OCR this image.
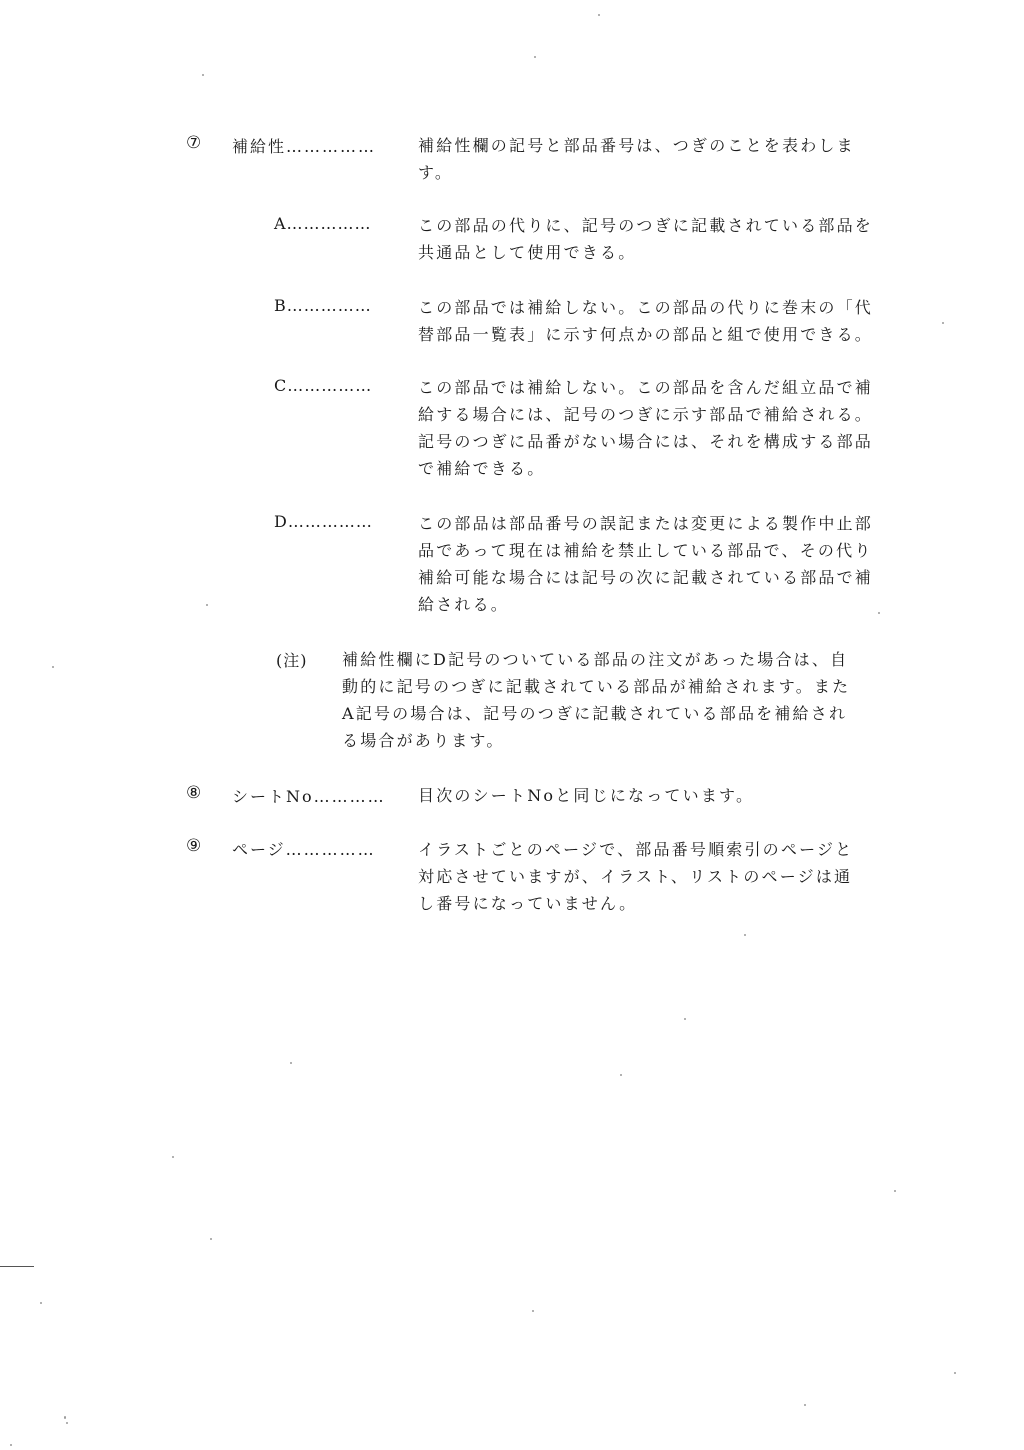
⑦ 補給性……………	補給性欄の記号と部品番号は、つぎのことを表わしま
す。
A……………	この部品の代りに、記号のつぎに記載されている部品を
共通品として使用できる。
B……………	この部品では補給しない。この部品の代りに巻末の「代
替部品一覧表」に示す何点かの部品と組で使用できる。
C……………	この部品では補給しない。この部品を含んだ組立品で補
給する場合には、記号のつぎに示す部品で補給される。
記号のつぎに品番がない場合には、それを構成する部品
で補給できる。
D……………	この部品は部品番号の誤記または変更による製作中止部
品であって現在は補給を禁止している部品で、その代り
補給可能な場合には記号の次に記載されている部品で補
給される。
(注) 補給性欄にD記号のついている部品の注文があった場合は、自
動的に記号のつぎに記載されている部品が補給されます。また
A記号の場合は、記号のつぎに記載されている部品を補給され
る場合があります。
⑧ シートNo………… 目次のシートNoと同じになっています。
⑨ ページ……………	イラストごとのページで、部品番号順索引のページと
対応させていますが、イラスト、リストのページは通
し番号になっていません。
